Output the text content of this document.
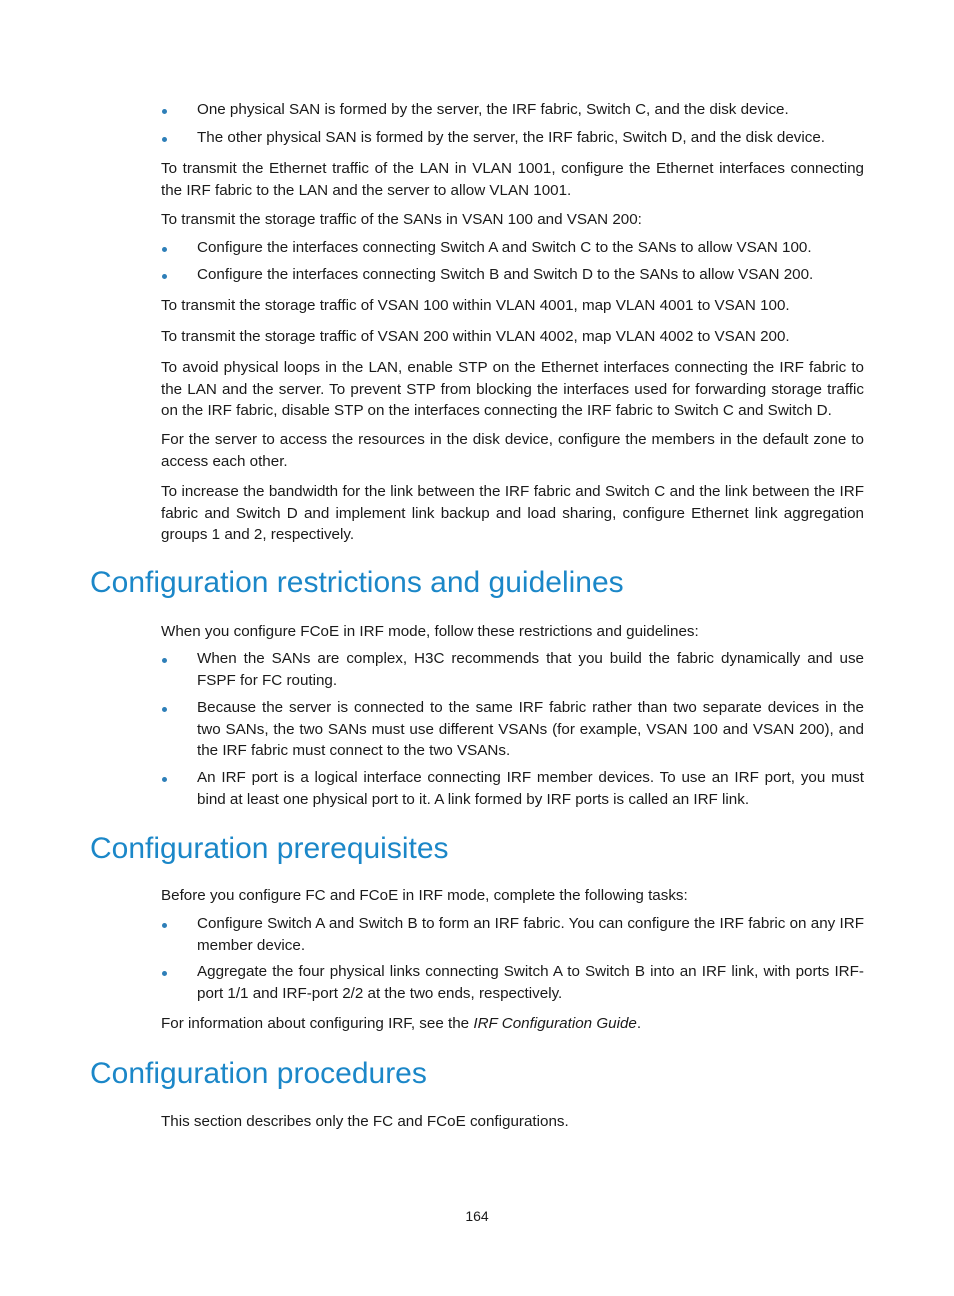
One physical SAN is formed by the server, the IRF fabric, Switch C, and the disk device.
The other physical SAN is formed by the server, the IRF fabric, Switch D, and the disk device.
To transmit the Ethernet traffic of the LAN in VLAN 1001, configure the Ethernet interfaces connecting the IRF fabric to the LAN and the server to allow VLAN 1001.
To transmit the storage traffic of the SANs in VSAN 100 and VSAN 200:
Configure the interfaces connecting Switch A and Switch C to the SANs to allow VSAN 100.
Configure the interfaces connecting Switch B and Switch D to the SANs to allow VSAN 200.
To transmit the storage traffic of VSAN 100 within VLAN 4001, map VLAN 4001 to VSAN 100.
To transmit the storage traffic of VSAN 200 within VLAN 4002, map VLAN 4002 to VSAN 200.
To avoid physical loops in the LAN, enable STP on the Ethernet interfaces connecting the IRF fabric to the LAN and the server. To prevent STP from blocking the interfaces used for forwarding storage traffic on the IRF fabric, disable STP on the interfaces connecting the IRF fabric to Switch C and Switch D.
For the server to access the resources in the disk device, configure the members in the default zone to access each other.
To increase the bandwidth for the link between the IRF fabric and Switch C and the link between the IRF fabric and Switch D and implement link backup and load sharing, configure Ethernet link aggregation groups 1 and 2, respectively.
Configuration restrictions and guidelines
When you configure FCoE in IRF mode, follow these restrictions and guidelines:
When the SANs are complex, H3C recommends that you build the fabric dynamically and use FSPF for FC routing.
Because the server is connected to the same IRF fabric rather than two separate devices in the two SANs, the two SANs must use different VSANs (for example, VSAN 100 and VSAN 200), and the IRF fabric must connect to the two VSANs.
An IRF port is a logical interface connecting IRF member devices. To use an IRF port, you must bind at least one physical port to it. A link formed by IRF ports is called an IRF link.
Configuration prerequisites
Before you configure FC and FCoE in IRF mode, complete the following tasks:
Configure Switch A and Switch B to form an IRF fabric. You can configure the IRF fabric on any IRF member device.
Aggregate the four physical links connecting Switch A to Switch B into an IRF link, with ports IRF-port 1/1 and IRF-port 2/2 at the two ends, respectively.
For information about configuring IRF, see the IRF Configuration Guide.
Configuration procedures
This section describes only the FC and FCoE configurations.
164
